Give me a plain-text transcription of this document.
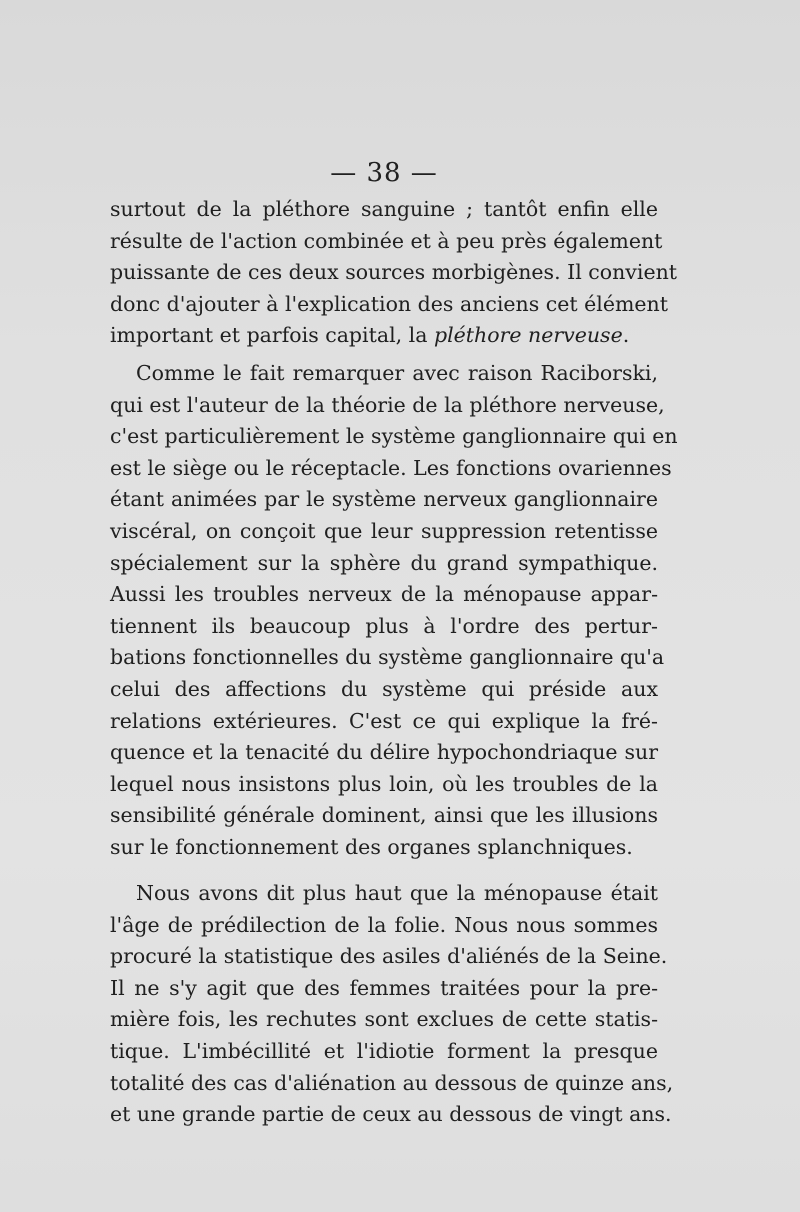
— 38 —
surtout de la pléthore sanguine ; tantôt enfin elle
résulte de l'action combinée et à peu près également
puissante de ces deux sources morbigènes. Il convient
donc d'ajouter à l'explication des anciens cet élément
important et parfois capital, la pléthore nerveuse.
Comme le fait remarquer avec raison Raciborski,
qui est l'auteur de la théorie de la pléthore nerveuse,
c'est particulièrement le système ganglionnaire qui en
est le siège ou le réceptacle. Les fonctions ovariennes
étant animées par le système nerveux ganglionnaire
viscéral, on conçoit que leur suppression retentisse
spécialement sur la sphère du grand sympathique.
Aussi les troubles nerveux de la ménopause appar-
tiennent ils beaucoup plus à l'ordre des pertur-
bations fonctionnelles du système ganglionnaire qu'a
celui des affections du système qui préside aux
relations extérieures. C'est ce qui explique la fré-
quence et la tenacité du délire hypochondriaque sur
lequel nous insistons plus loin, où les troubles de la
sensibilité générale dominent, ainsi que les illusions
sur le fonctionnement des organes splanchniques.
Nous avons dit plus haut que la ménopause était
l'âge de prédilection de la folie. Nous nous sommes
procuré la statistique des asiles d'aliénés de la Seine.
Il ne s'y agit que des femmes traitées pour la pre-
mière fois, les rechutes sont exclues de cette statis-
tique. L'imbécillité et l'idiotie forment la presque
totalité des cas d'aliénation au dessous de quinze ans,
et une grande partie de ceux au dessous de vingt ans.
